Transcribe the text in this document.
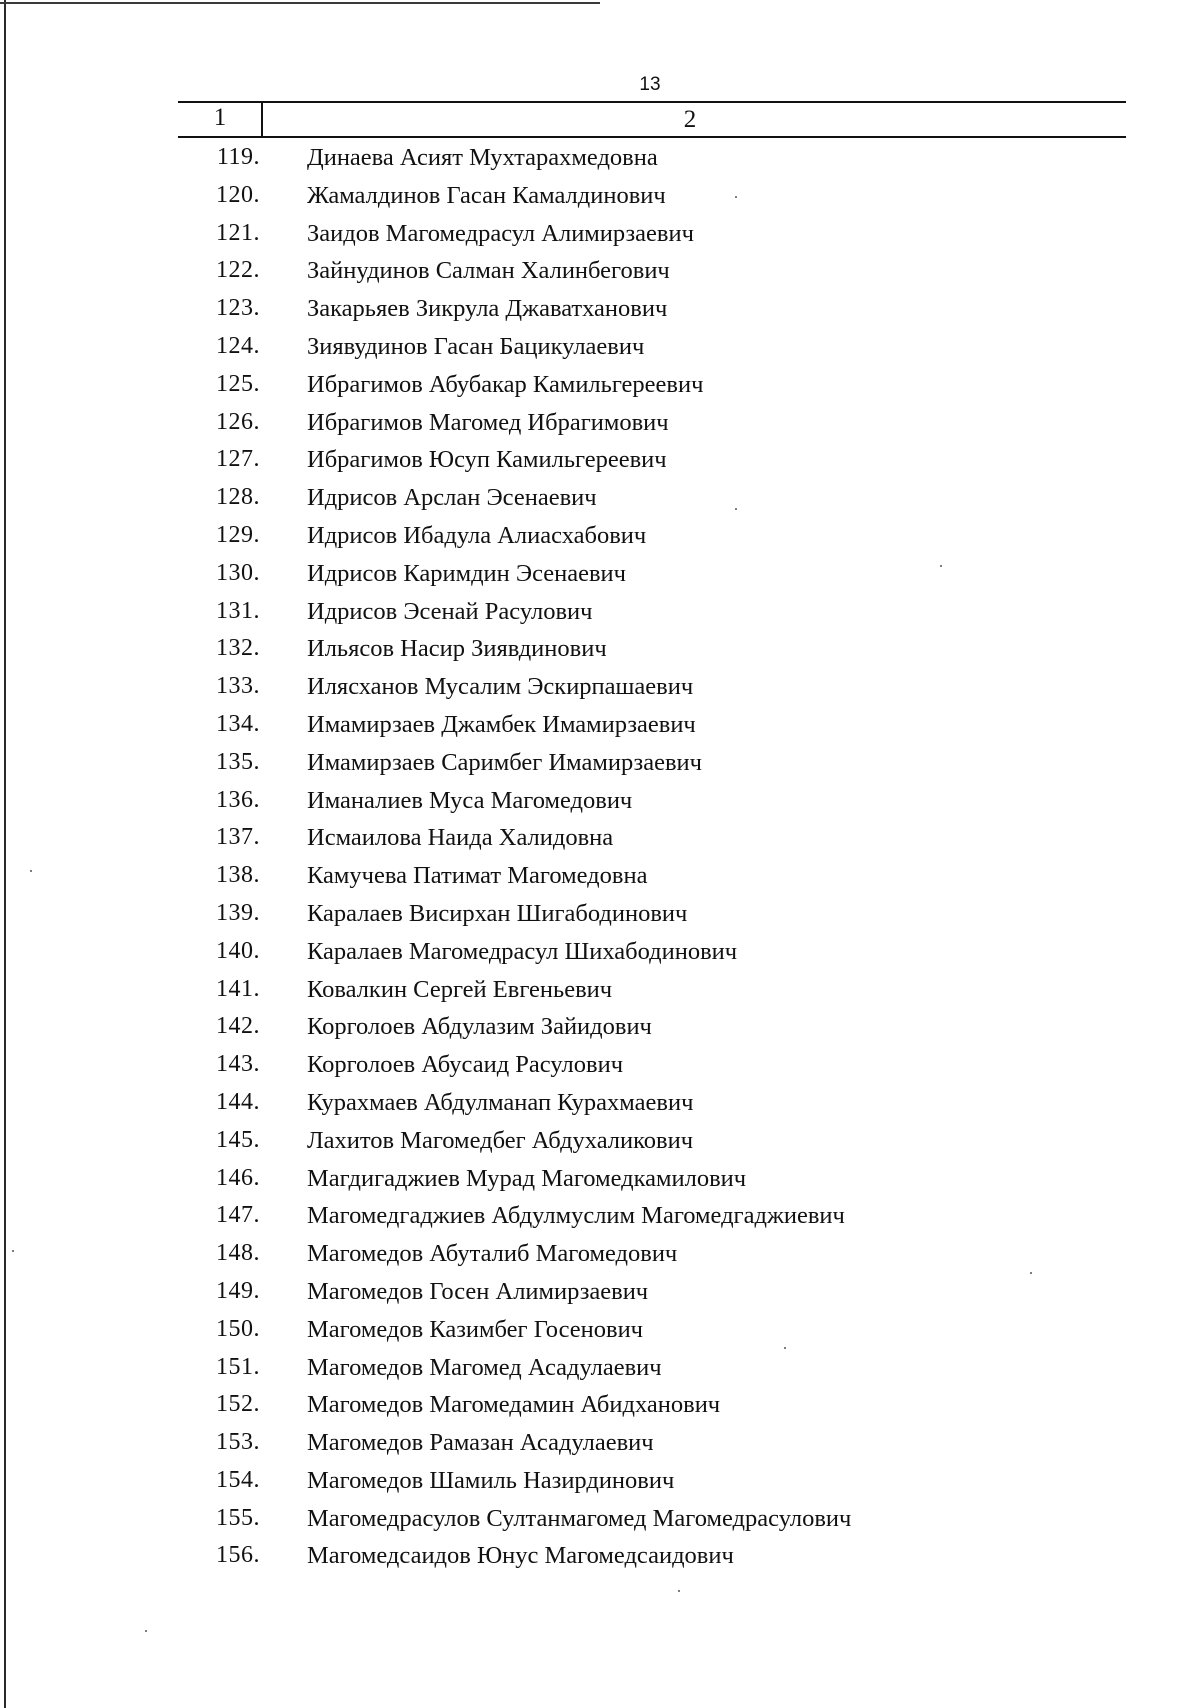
13
1	2
119. Динаева Асият Мухтарахмедовна
120. Жамалдинов Гасан Камалдинович
121. Заидов Магомедрасул Алимирзаевич
122. Зайнудинов Салман Халинбегович
123. Закарьяев Зикрула Джаватханович
124. Зиявудинов Гасан Бацикулаевич
125. Ибрагимов Абубакар Камильгереевич
126. Ибрагимов Магомед Ибрагимович
127. Ибрагимов Юсуп Камильгереевич
128. Идрисов Арслан Эсенаевич
129. Идрисов Ибадула Алиасхабович
130. Идрисов Каримдин Эсенаевич
131. Идрисов Эсенай Расулович
132. Ильясов Насир Зиявдинович
133. Илясханов Мусалим Эскирпашаевич
134. Имамирзаев Джамбек Имамирзаевич
135. Имамирзаев Саримбег Имамирзаевич
136. Иманалиев Муса Магомедович
137. Исмаилова Наида Халидовна
138. Камучева Патимат Магомедовна
139. Каралаев Висирхан Шигабодинович
140. Каралаев Магомедрасул Шихабодинович
141. Ковалкин Сергей Евгеньевич
142. Корголоев Абдулазим Зайидович
143. Корголоев Абусаид Расулович
144. Курахмаев Абдулманап Курахмаевич
145. Лахитов Магомедбег Абдухаликович
146. Магдигаджиев Мурад Магомедкамилович
147. Магомедгаджиев Абдулмуслим Магомедгаджиевич
148. Магомедов Абуталиб Магомедович
149. Магомедов Госен Алимирзаевич
150. Магомедов Казимбег Госенович
151. Магомедов Магомед Асадулаевич
152. Магомедов Магомедамин Абидханович
153. Магомедов Рамазан Асадулаевич
154. Магомедов Шамиль Назирдинович
155. Магомедрасулов Султанмагомед Магомедрасулович
156. Магомедсаидов Юнус Магомедсаидович
